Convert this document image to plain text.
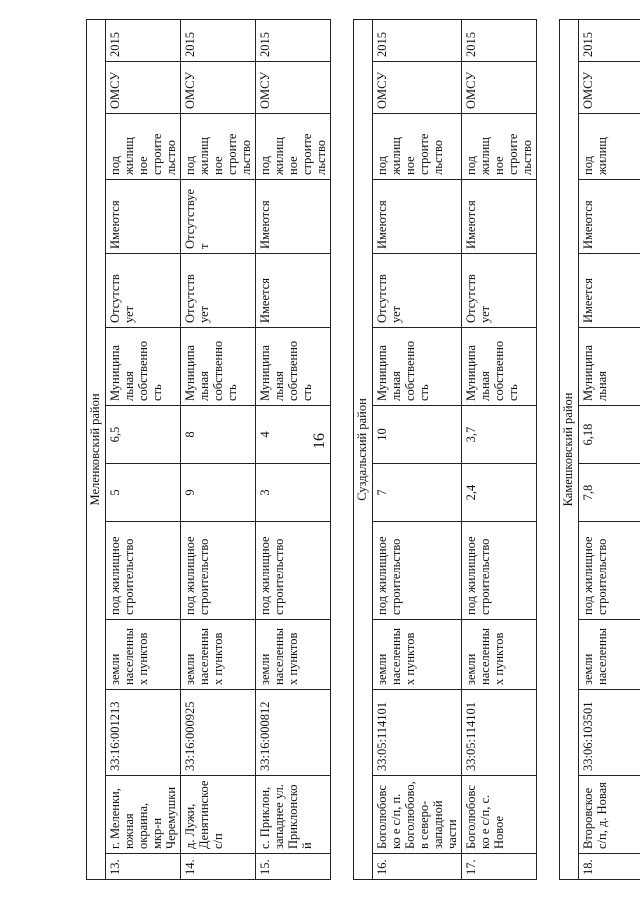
16
Меленковский район												
13.	г. Меленки, южная окраина, мкр-н Черемушки	33:16:001213	земли населенны х пунктов	под жилищное строительство	5	6,5	Муниципа льная собственно сть	Отсутств ует	Имеются	под жилищ ное строите льство	ОМСУ	2015
14.	д. Лужи, Денятинское с/п	33:16:000925	земли населенны х пунктов	под жилищное строительство	9	8	Муниципа льная собственно сть	Отсутств ует	Отсутствуе т	под жилищ ное строите льство	ОМСУ	2015
15.	с. Приклон, западнее ул. Приклонской	33:16:000812	земли населенны х пунктов	под жилищное строительство	3	4	Муниципа льная собственно сть	Имеется	Имеются	под жилищ ное строите льство	ОМСУ	2015

Суздальский район												
16.	Боголюбовско е с/п, п. Боголюбово, в северо-западной части	33:05:114101	земли населенны х пунктов	под жилищное строительство	7	10	Муниципа льная собственно сть	Отсутств ует	Имеются	под жилищ ное строите льство	ОМСУ	2015
17.	Боголюбовско е с/п, с. Новое	33:05:114101	земли населенны х пунктов	под жилищное строительство	2,4	3,7	Муниципа льная собственно сть	Отсутств ует	Имеются	под жилищ ное строите льство	ОМСУ	2015

Камешковский район												
18.	Второвское с/п, д. Новая	33:06:103501	земли населенны	под жилищное строительство	7,8	6,18	Муниципа льная	Имеется	Имеются	под жилищ	ОМСУ	2015
